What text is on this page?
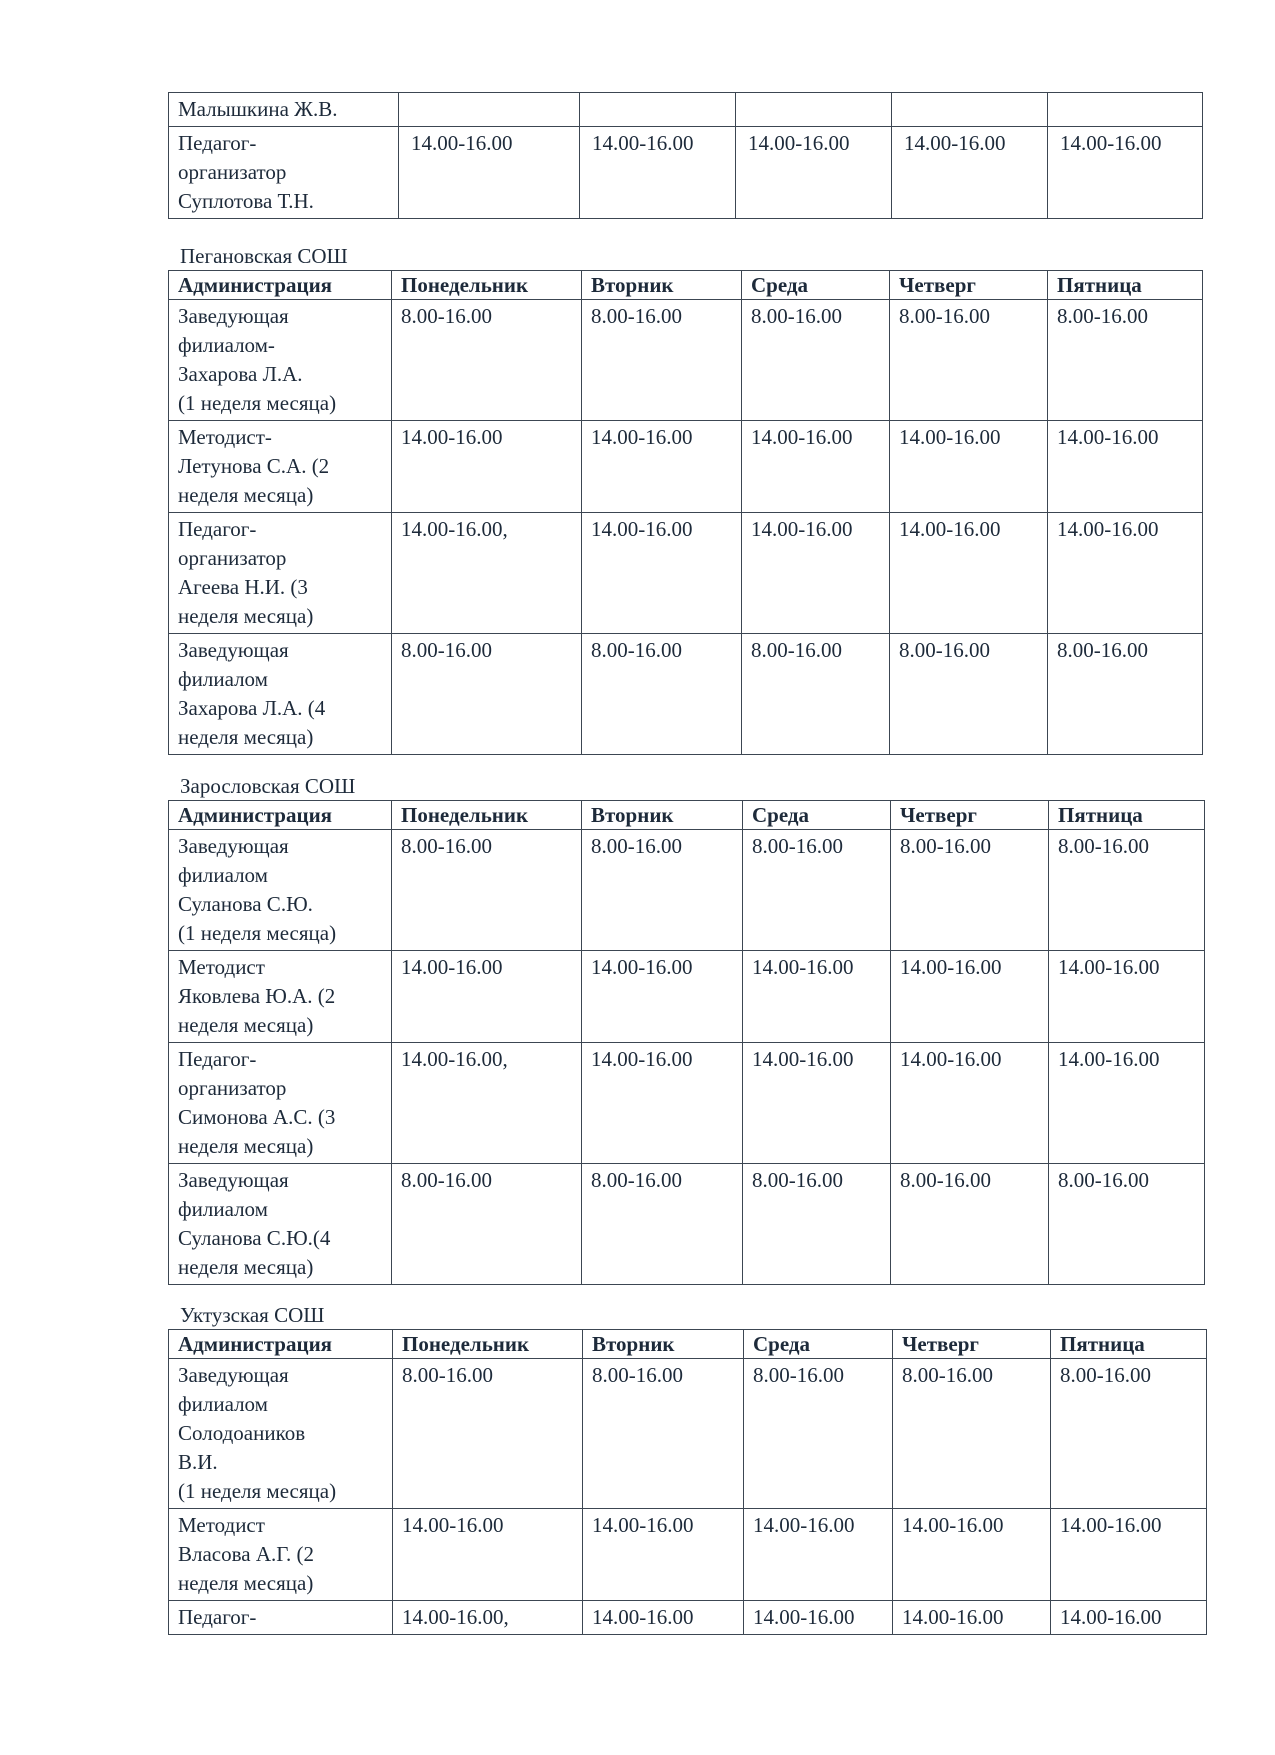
Малышкина Ж.В.					

Педагог-
организатор
Суплотова Т.Н.	14.00-16.00	14.00-16.00	14.00-16.00	14.00-16.00	14.00-16.00
Пегановская СОШ
Администрация	Понедельник	Вторник	Среда	Четверг	Пятница

Заведующая
филиалом-
Захарова Л.А.
(1 неделя месяца)	8.00-16.00	8.00-16.00	8.00-16.00	8.00-16.00	8.00-16.00

Методист-
Летунова С.А. (2
неделя месяца)	14.00-16.00	14.00-16.00	14.00-16.00	14.00-16.00	14.00-16.00

Педагог-
организатор
Агеева Н.И. (3
неделя месяца)	14.00-16.00,	14.00-16.00	14.00-16.00	14.00-16.00	14.00-16.00

Заведующая
филиалом
Захарова Л.А. (4
неделя месяца)	8.00-16.00	8.00-16.00	8.00-16.00	8.00-16.00	8.00-16.00
Зарословская СОШ
Администрация	Понедельник	Вторник	Среда	Четверг	Пятница

Заведующая
филиалом
Суланова С.Ю.
(1 неделя месяца)	8.00-16.00	8.00-16.00	8.00-16.00	8.00-16.00	8.00-16.00

Методист
Яковлева Ю.А. (2
неделя месяца)	14.00-16.00	14.00-16.00	14.00-16.00	14.00-16.00	14.00-16.00

Педагог-
организатор
Симонова А.С. (3
неделя месяца)	14.00-16.00,	14.00-16.00	14.00-16.00	14.00-16.00	14.00-16.00

Заведующая
филиалом
Суланова С.Ю.(4
неделя месяца)	8.00-16.00	8.00-16.00	8.00-16.00	8.00-16.00	8.00-16.00
Уктузская СОШ
Администрация	Понедельник	Вторник	Среда	Четверг	Пятница

Заведующая
филиалом
Солодоаников
В.И.
(1 неделя месяца)	8.00-16.00	8.00-16.00	8.00-16.00	8.00-16.00	8.00-16.00

Методист
Власова А.Г. (2
неделя месяца)	14.00-16.00	14.00-16.00	14.00-16.00	14.00-16.00	14.00-16.00

Педагог-	14.00-16.00,	14.00-16.00	14.00-16.00	14.00-16.00	14.00-16.00
